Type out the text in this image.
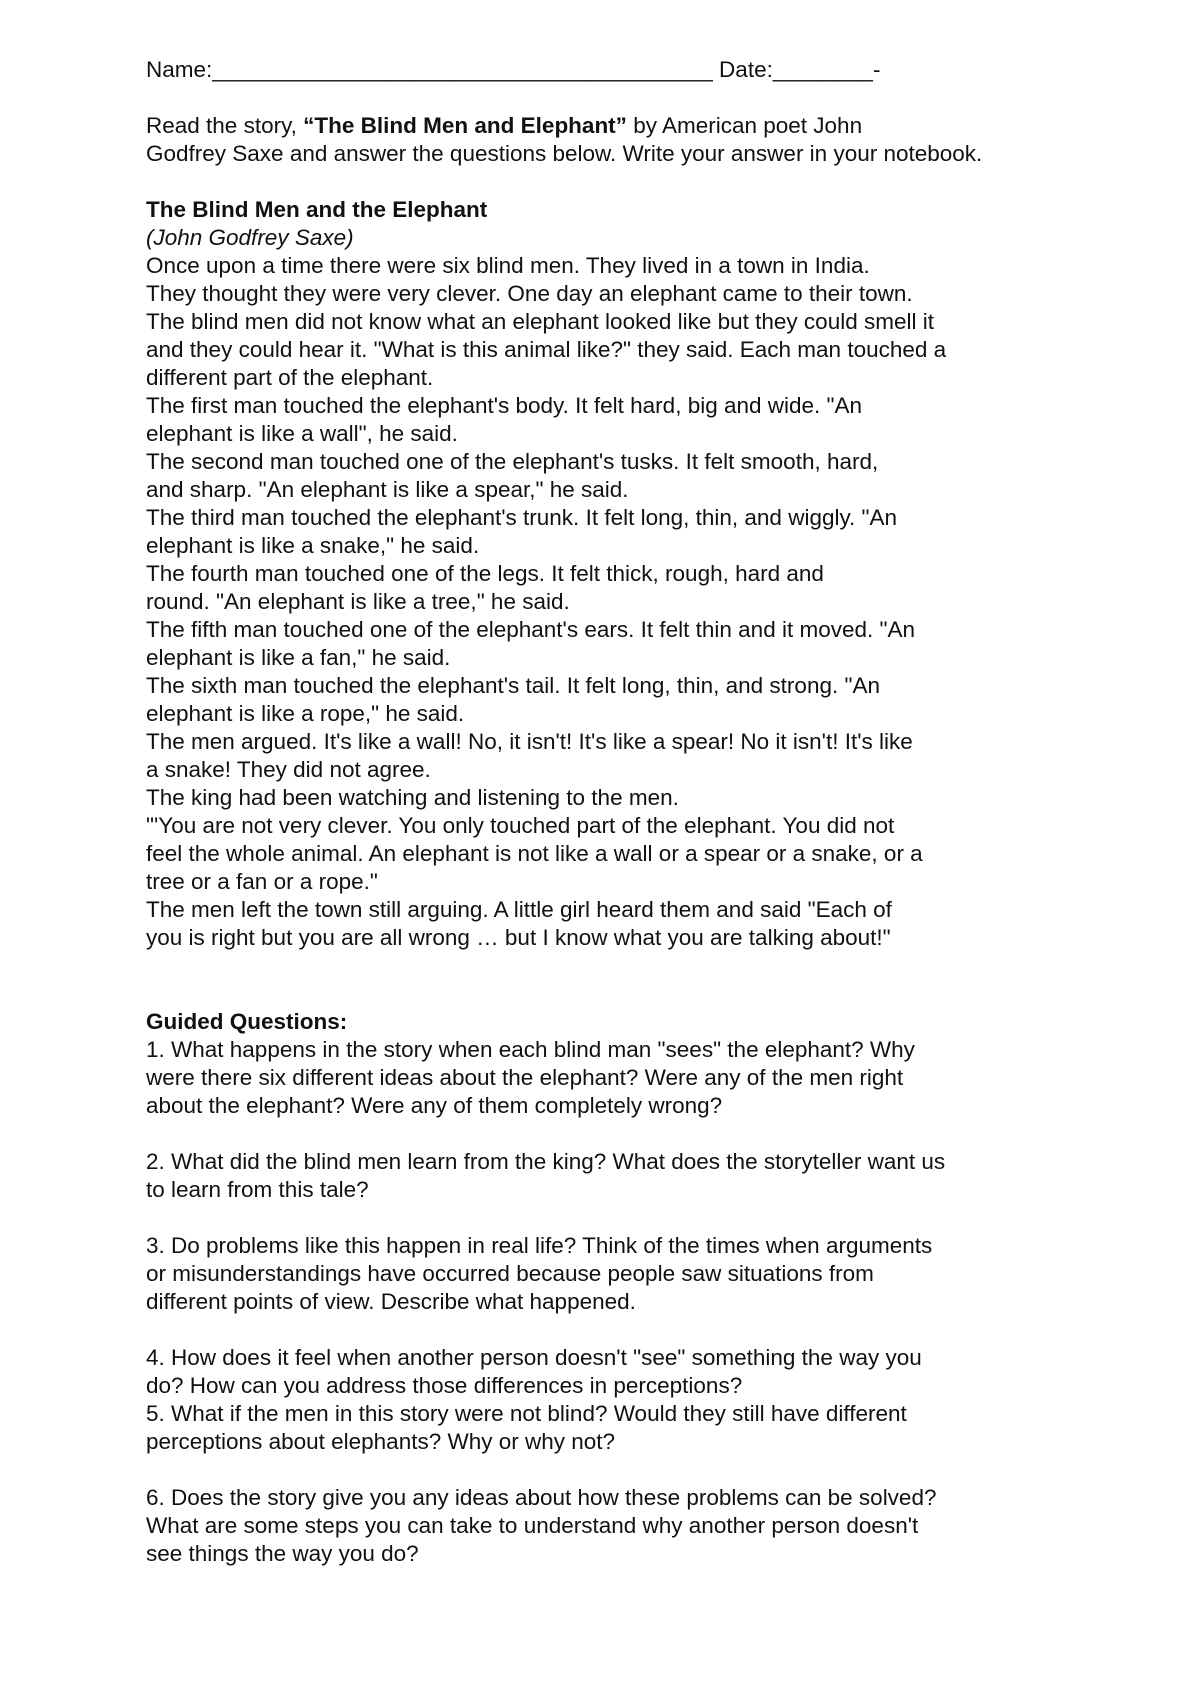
Name:________________________________________ Date:________-
Read the story, “The Blind Men and Elephant” by American poet John
Godfrey Saxe and answer the questions below. Write your answer in your notebook.
The Blind Men and the Elephant
(John Godfrey Saxe)
Once upon a time there were six blind men. They lived in a town in India.
They thought they were very clever. One day an elephant came to their town.
The blind men did not know what an elephant looked like but they could smell it
and they could hear it. "What is this animal like?" they said. Each man touched a
different part of the elephant.
The first man touched the elephant's body. It felt hard, big and wide. "An
elephant is like a wall", he said.
The second man touched one of the elephant's tusks. It felt smooth, hard,
and sharp. "An elephant is like a spear," he said.
The third man touched the elephant's trunk. It felt long, thin, and wiggly. "An
elephant is like a snake," he said.
The fourth man touched one of the legs. It felt thick, rough, hard and
round. "An elephant is like a tree," he said.
The fifth man touched one of the elephant's ears. It felt thin and it moved. "An
elephant is like a fan," he said.
The sixth man touched the elephant's tail. It felt long, thin, and strong. "An
elephant is like a rope," he said.
The men argued. It's like a wall! No, it isn't! It's like a spear! No it isn't! It's like
a snake! They did not agree.
The king had been watching and listening to the men.
"'You are not very clever. You only touched part of the elephant. You did not
feel the whole animal. An elephant is not like a wall or a spear or a snake, or a
tree or a fan or a rope."
The men left the town still arguing. A little girl heard them and said "Each of
you is right but you are all wrong … but I know what you are talking about!"
Guided Questions:
1. What happens in the story when each blind man "sees" the elephant? Why
were there six different ideas about the elephant? Were any of the men right
about the elephant? Were any of them completely wrong?
2. What did the blind men learn from the king? What does the storyteller want us
to learn from this tale?
3. Do problems like this happen in real life? Think of the times when arguments
or misunderstandings have occurred because people saw situations from
different points of view. Describe what happened.
4. How does it feel when another person doesn't "see" something the way you
do? How can you address those differences in perceptions?
5. What if the men in this story were not blind? Would they still have different
perceptions about elephants? Why or why not?
6. Does the story give you any ideas about how these problems can be solved?
What are some steps you can take to understand why another person doesn't
see things the way you do?
